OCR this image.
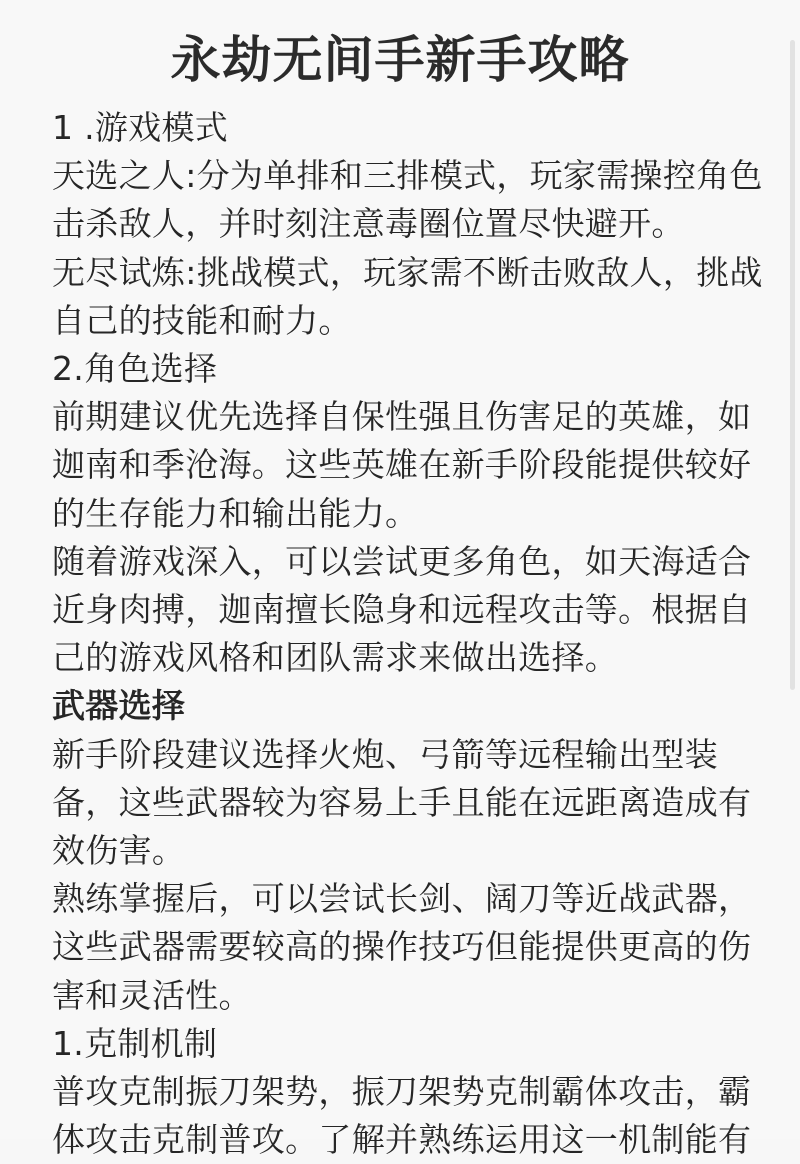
永劫无间手新手攻略
1 .游戏模式
天选之人:分为单排和三排模式，玩家需操控角色
击杀敌人，并时刻注意毒圈位置尽快避开。
无尽试炼:挑战模式，玩家需不断击败敌人，挑战
自己的技能和耐力。
2.角色选择
前期建议优先选择自保性强且伤害足的英雄，如
迦南和季沧海。这些英雄在新手阶段能提供较好
的生存能力和输出能力。
随着游戏深入，可以尝试更多角色，如天海适合
近身肉搏，迦南擅长隐身和远程攻击等。根据自
己的游戏风格和团队需求来做出选择。
武器选择
新手阶段建议选择火炮、弓箭等远程输出型装
备，这些武器较为容易上手且能在远距离造成有
效伤害。
熟练掌握后，可以尝试长剑、阔刀等近战武器，
这些武器需要较高的操作技巧但能提供更高的伤
害和灵活性。
1.克制机制
普攻克制振刀架势，振刀架势克制霸体攻击，霸
体攻击克制普攻。了解并熟练运用这一机制能有
